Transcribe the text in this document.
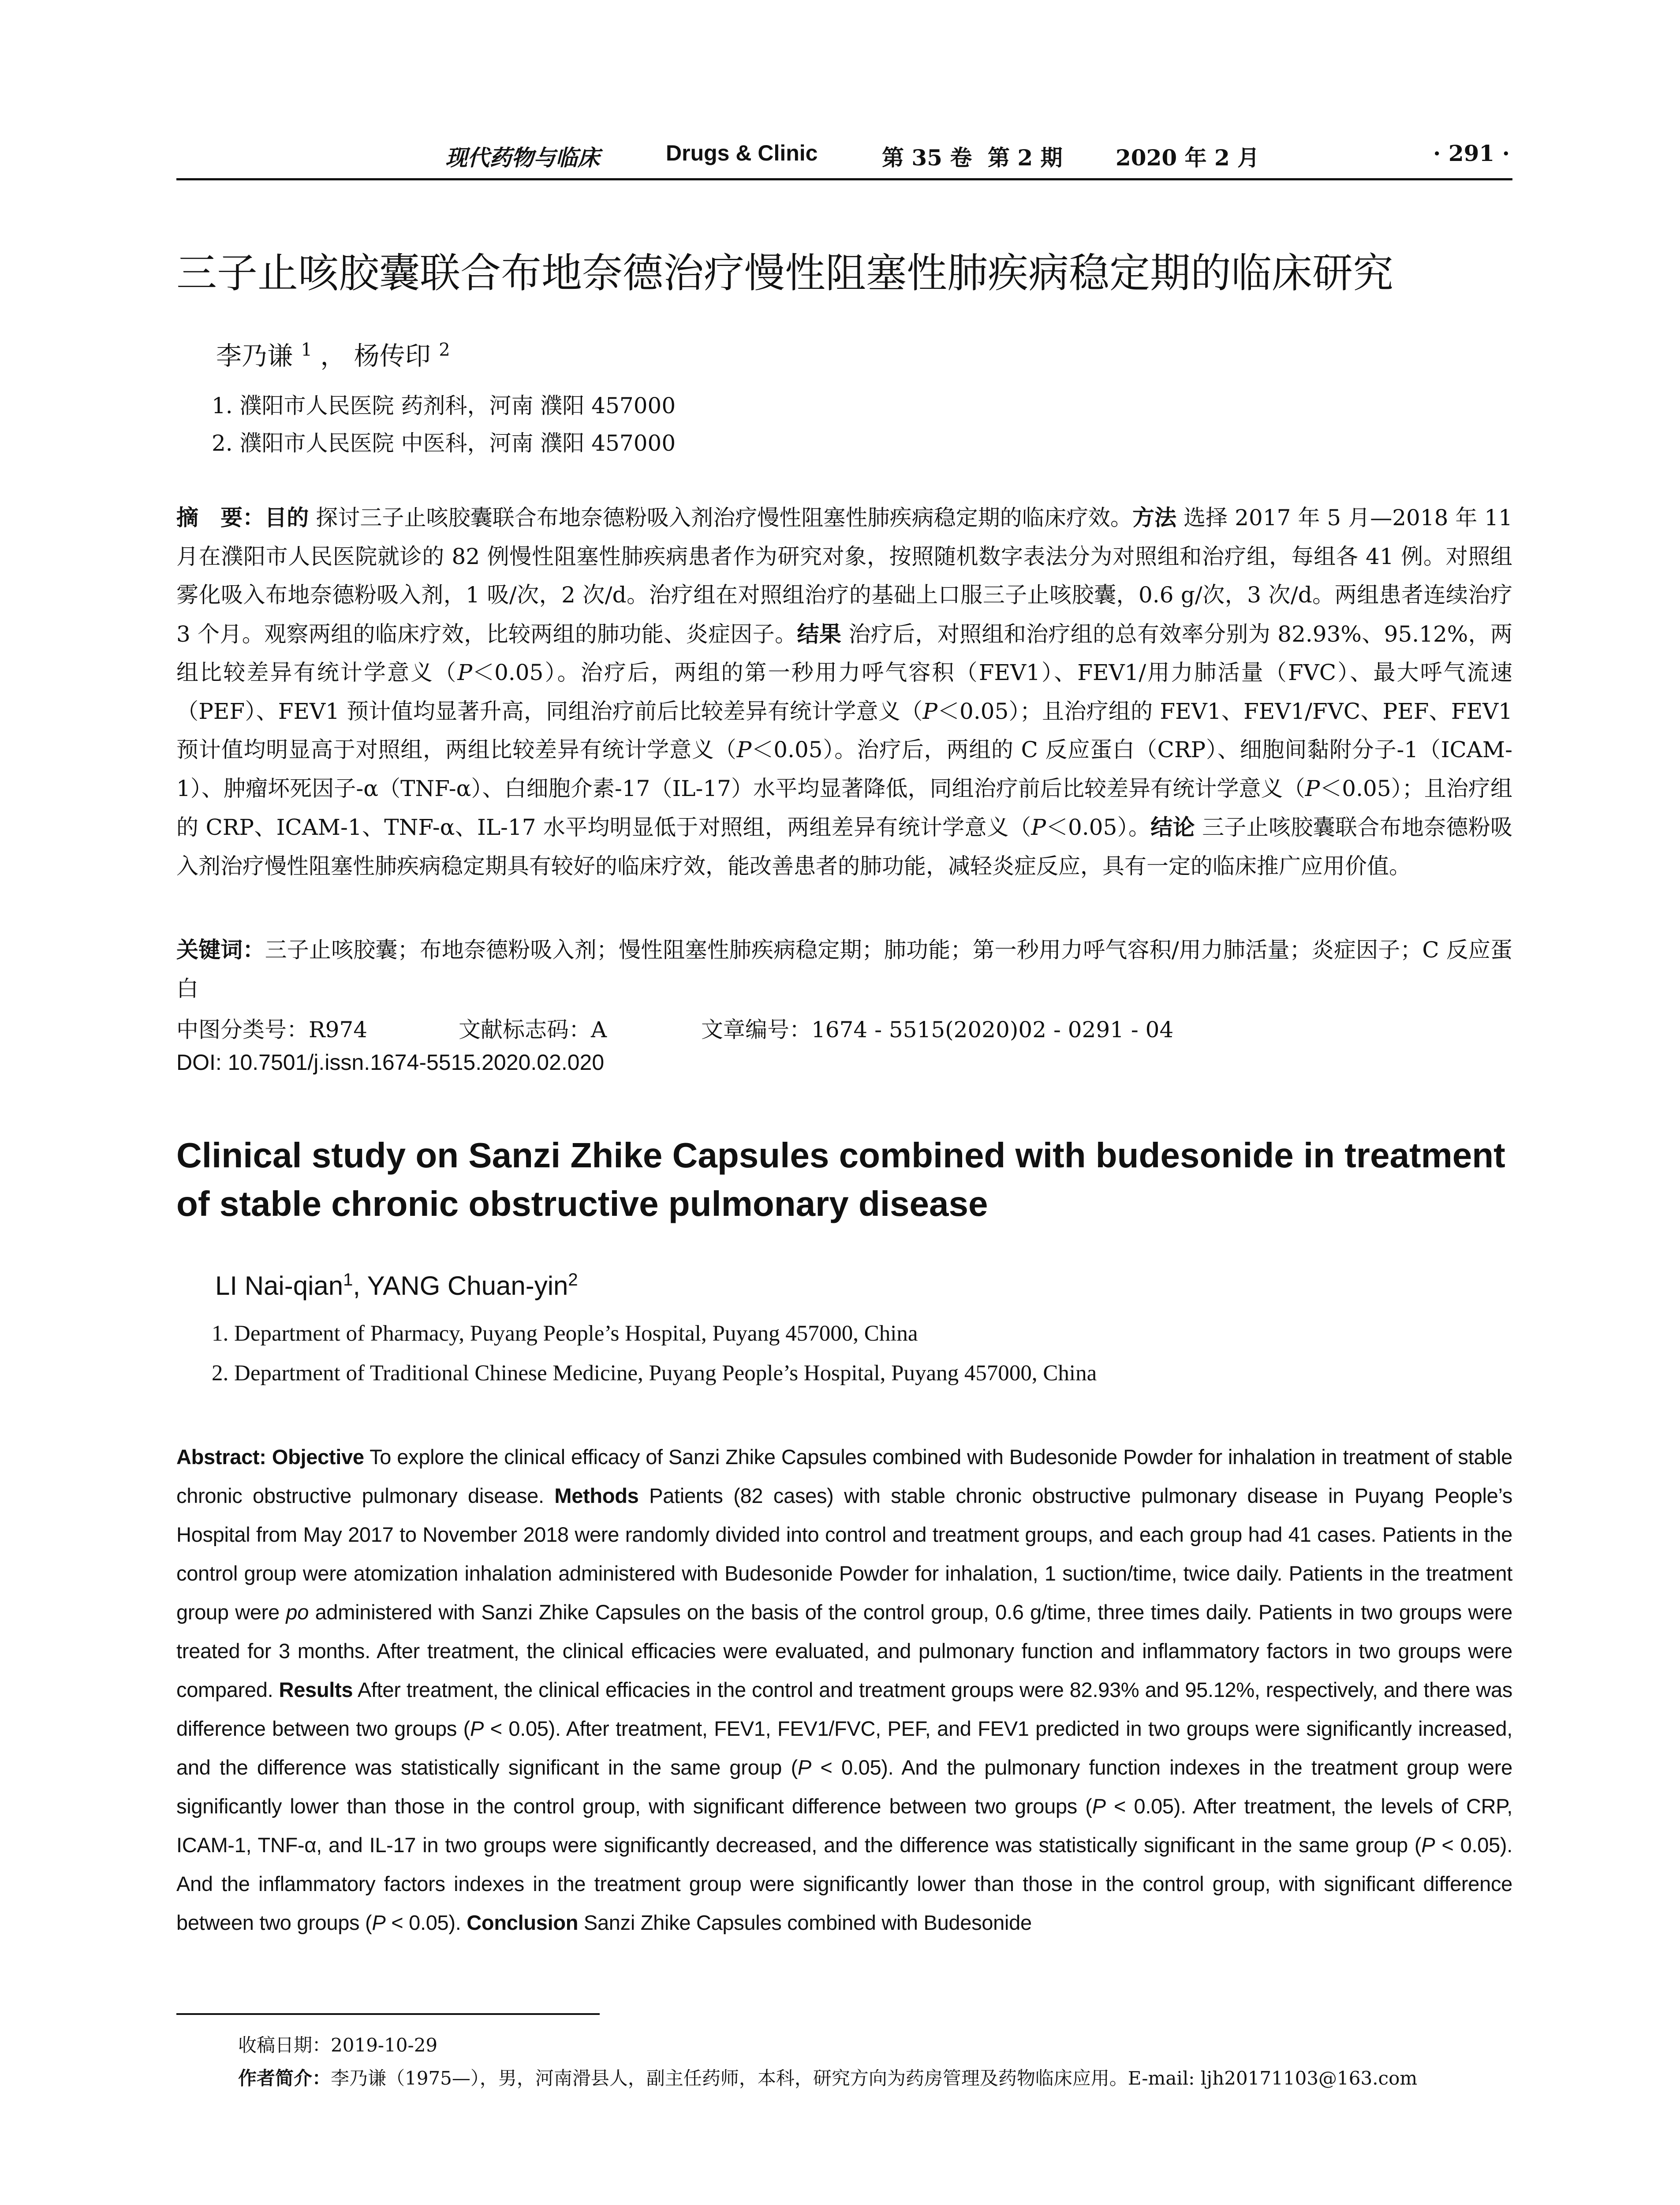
现代药物与临床	Drugs & Clinic	第 35 卷 第 2 期 2020 年 2 月	· 291 ·
三子止咳胶囊联合布地奈德治疗慢性阻塞性肺疾病稳定期的临床研究
李乃谦 $^1$ ， 杨传印 $^2$
1. 濮阳市人民医院 药剂科，河南 濮阳 457000
2. 濮阳市人民医院 中医科，河南 濮阳 457000
摘　要：目的 探讨三子止咳胶囊联合布地奈德粉吸入剂治疗慢性阻塞性肺疾病稳定期的临床疗效。方法 选择 2017 年 5 月—2018 年 11 月在濮阳市人民医院就诊的 82 例慢性阻塞性肺疾病患者作为研究对象，按照随机数字表法分为对照组和治疗组，每组各 41 例。对照组雾化吸入布地奈德粉吸入剂，1 吸/次，2 次/d。治疗组在对照组治疗的基础上口服三子止咳胶囊，0.6 g/次，3 次/d。两组患者连续治疗 3 个月。观察两组的临床疗效，比较两组的肺功能、炎症因子。结果 治疗后，对照组和治疗组的总有效率分别为 82.93%、95.12%，两组比较差异有统计学意义（P＜0.05）。治疗后，两组的第一秒用力呼气容积（FEV1）、FEV1/用力肺活量（FVC）、最大呼气流速（PEF）、FEV1 预计值均显著升高，同组治疗前后比较差异有统计学意义（P＜0.05）；且治疗组的 FEV1、FEV1/FVC、PEF、FEV1 预计值均明显高于对照组，两组比较差异有统计学意义（P＜0.05）。治疗后，两组的 C 反应蛋白（CRP）、细胞间黏附分子-1（ICAM-1）、肿瘤坏死因子-α（TNF-α）、白细胞介素-17（IL-17）水平均显著降低，同组治疗前后比较差异有统计学意义（P＜0.05）；且治疗组的 CRP、ICAM-1、TNF-α、IL-17 水平均明显低于对照组，两组差异有统计学意义（P＜0.05）。结论 三子止咳胶囊联合布地奈德粉吸入剂治疗慢性阻塞性肺疾病稳定期具有较好的临床疗效，能改善患者的肺功能，减轻炎症反应，具有一定的临床推广应用价值。
关键词：三子止咳胶囊；布地奈德粉吸入剂；慢性阻塞性肺疾病稳定期；肺功能；第一秒用力呼气容积/用力肺活量；炎症因子；C 反应蛋白
中图分类号：R974	文献标志码：A	文章编号：1674 - 5515(2020)02 - 0291 - 04
DOI: 10.7501/j.issn.1674-5515.2020.02.020
Clinical study on Sanzi Zhike Capsules combined with budesonide in treatment of stable chronic obstructive pulmonary disease
LI Nai-qian$^1$, YANG Chuan-yin$^2$
1. Department of Pharmacy, Puyang People’s Hospital, Puyang 457000, China
2. Department of Traditional Chinese Medicine, Puyang People’s Hospital, Puyang 457000, China
Abstract: Objective To explore the clinical efficacy of Sanzi Zhike Capsules combined with Budesonide Powder for inhalation in treatment of stable chronic obstructive pulmonary disease. Methods Patients (82 cases) with stable chronic obstructive pulmonary disease in Puyang People’s Hospital from May 2017 to November 2018 were randomly divided into control and treatment groups, and each group had 41 cases. Patients in the control group were atomization inhalation administered with Budesonide Powder for inhalation, 1 suction/time, twice daily. Patients in the treatment group were po administered with Sanzi Zhike Capsules on the basis of the control group, 0.6 g/time, three times daily. Patients in two groups were treated for 3 months. After treatment, the clinical efficacies were evaluated, and pulmonary function and inflammatory factors in two groups were compared. Results After treatment, the clinical efficacies in the control and treatment groups were 82.93% and 95.12%, respectively, and there was difference between two groups (P < 0.05). After treatment, FEV1, FEV1/FVC, PEF, and FEV1 predicted in two groups were significantly increased, and the difference was statistically significant in the same group (P < 0.05). And the pulmonary function indexes in the treatment group were significantly lower than those in the control group, with significant difference between two groups (P < 0.05). After treatment, the levels of CRP, ICAM-1, TNF-α, and IL-17 in two groups were significantly decreased, and the difference was statistically significant in the same group (P < 0.05). And the inflammatory factors indexes in the treatment group were significantly lower than those in the control group, with significant difference between two groups (P < 0.05). Conclusion Sanzi Zhike Capsules combined with Budesonide
收稿日期：2019-10-29
作者简介：李乃谦（1975—），男，河南滑县人，副主任药师，本科，研究方向为药房管理及药物临床应用。E-mail: ljh20171103@163.com
